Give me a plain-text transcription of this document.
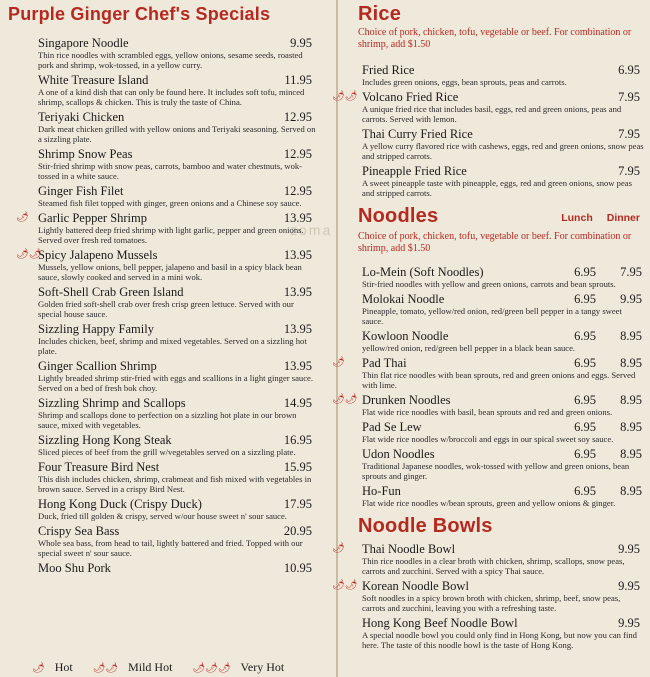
zoma
Purple Ginger Chef's Specials
Singapore Noodle	9.95
Thin rice noodles with scrambled eggs, yellow onions, sesame seeds, roasted pork and shrimp, wok-tossed, in a yellow curry.
White Treasure Island	11.95
A one of a kind dish that can only be found here. It includes soft tofu, minced shrimp, scallops & chicken. This is truly the taste of China.
Teriyaki Chicken	12.95
Dark meat chicken grilled with yellow onions and Teriyaki seasoning. Served on a sizzling plate.
Shrimp Snow Peas	12.95
Stir-fried shrimp with snow peas, carrots, bamboo and water chestnuts, wok-tossed in a white sauce.
Ginger Fish Filet	12.95
Steamed fish filet topped with ginger, green onions and a Chinese soy sauce.
🌶 Garlic Pepper Shrimp	13.95
Lightly battered deep fried shrimp with light garlic, pepper and green onions. Served over fresh red tomatoes.
🌶🌶
Spicy Jalapeno Mussels	13.95
Mussels, yellow onions, bell pepper, jalapeno and basil in a spicy black bean sauce, slowly cooked and served in a mini wok.
Soft-Shell Crab Green Island	13.95
Golden fried soft-shell crab over fresh crisp green lettuce. Served with our special house sauce.
Sizzling Happy Family	13.95
Includes chicken, beef, shrimp and mixed vegetables. Served on a sizzling hot plate.
Ginger Scallion Shrimp	13.95
Lightly breaded shrimp stir-fried with eggs and scallions in a light ginger sauce. Served on a bed of fresh bok choy.
Sizzling Shrimp and Scallops	14.95
Shrimp and scallops done to perfection on a sizzling hot plate in our brown sauce, mixed with vegetables.
Sizzling Hong Kong Steak	16.95
Sliced pieces of beef from the grill w/vegetables served on a sizzling plate.
Four Treasure Bird Nest	15.95
This dish includes chicken, shrimp, crabmeat and fish mixed with vegetables in brown sauce. Served in a crispy Bird Nest.
Hong Kong Duck (Crispy Duck)	17.95
Duck, fried till golden & crispy, served w/our house sweet n' sour sauce.
Crispy Sea Bass	20.95
Whole sea bass, from head to tail, lightly battered and fried. Topped with our special sweet n' sour sauce.
Moo Shu Pork	10.95
🌶 Hot 🌶🌶 Mild Hot 🌶🌶🌶 Very Hot
Rice
Choice of pork, chicken, tofu, vegetable or beef. For combination or shrimp, add $1.50
Fried Rice	6.95
Includes green onions, eggs, bean sprouts, peas and carrots.
🌶🌶 Volcano Fried Rice	7.95
A unique fried rice that includes basil, eggs, red and green onions, peas and carrots. Served with lemon.
Thai Curry Fried Rice	7.95
A yellow curry flavored rice with cashews, eggs, red and green onions, snow peas and stripped carrots.
Pineapple Fried Rice	7.95
A sweet pineapple taste with pineapple, eggs, red and green onions, snow peas and stripped carrots.
Noodles	Lunch Dinner
Choice of pork, chicken, tofu, vegetable or beef. For combination or shrimp, add $1.50
Lo-Mein (Soft Noodles)	6.95 7.95
Stir-fried noodles with yellow and green onions, carrots and bean sprouts.
Molokai Noodle	6.95 9.95
Pineapple, tomato, yellow/red onion, red/green bell pepper in a tangy sweet sauce.
Kowloon Noodle	6.95 8.95
yellow/red onion, red/green bell pepper in a black bean sauce.
🌶 Pad Thai	6.95 8.95
Thin flat rice noodles with bean sprouts, red and green onions and eggs. Served with lime.
🌶🌶 Drunken Noodles	6.95 8.95
Flat wide rice noodles with basil, bean sprouts and red and green onions.
Pad Se Lew	6.95 8.95
Flat wide rice noodles w/broccoli and eggs in our spical sweet soy sauce.
Udon Noodles	6.95 8.95
Traditional Japanese noodles, wok-tossed with yellow and green onions, bean sprouts and ginger.
Ho-Fun	6.95 8.95
Flat wide rice noodles w/bean sprouts, green and yellow onions & ginger.
Noodle Bowls
🌶 Thai Noodle Bowl	9.95
Thin rice noodles in a clear broth with chicken, shrimp, scallops, snow peas, carrots and zucchini. Served with a spicy Thai sauce.
🌶🌶 Korean Noodle Bowl	9.95
Soft noodles in a spicy brown broth with chicken, shrimp, beef, snow peas, carrots and zucchini, leaving you with a refreshing taste.
Hong Kong Beef Noodle Bowl	9.95
A special noodle bowl you could only find in Hong Kong, but now you can find here. The taste of this noodle bowl is the taste of Hong Kong.
